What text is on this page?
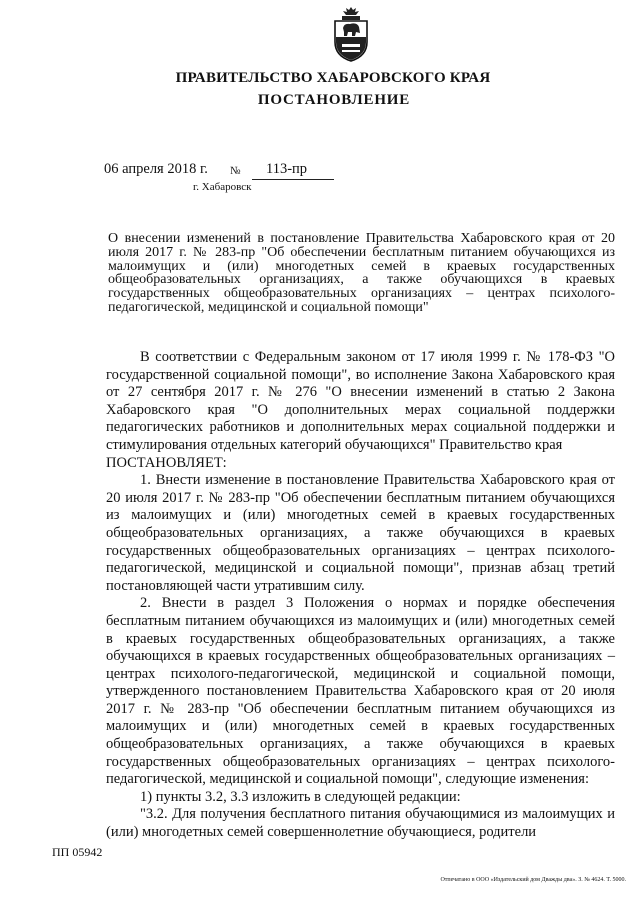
ПРАВИТЕЛЬСТВО ХАБАРОВСКОГО КРАЯ
ПОСТАНОВЛЕНИЕ
06 апреля 2018 г. № 113-пр
г. Хабаровск
О внесении изменений в постановление Правительства Хабаровского края от 20 июля 2017 г. № 283-пр "Об обеспечении бесплатным питанием обучающихся из малоимущих и (или) многодетных семей в краевых государственных общеобразовательных организациях, а также обучающихся в краевых государственных общеобразовательных организациях – центрах психолого-педагогической, медицинской и социальной помощи"

В соответствии с Федеральным законом от 17 июля 1999 г. № 178-ФЗ "О государственной социальной помощи", во исполнение Закона Хабаровского края от 27 сентября 2017 г. № 276 "О внесении изменений в статью 2 Закона Хабаровского края "О дополнительных мерах социальной поддержки педагогических работников и дополнительных мерах социальной поддержки и стимулирования отдельных категорий обучающихся" Правительство края

ПОСТАНОВЛЯЕТ:

1. Внести изменение в постановление Правительства Хабаровского края от 20 июля 2017 г. № 283-пр "Об обеспечении бесплатным питанием обучающихся из малоимущих и (или) многодетных семей в краевых государственных общеобразовательных организациях, а также обучающихся в краевых государственных общеобразовательных организациях – центрах психолого-педагогической, медицинской и социальной помощи", признав абзац третий постановляющей части утратившим силу.

2. Внести в раздел 3 Положения о нормах и порядке обеспечения бесплатным питанием обучающихся из малоимущих и (или) многодетных семей в краевых государственных общеобразовательных организациях, а также обучающихся в краевых государственных общеобразовательных организациях – центрах психолого-педагогической, медицинской и социальной помощи, утвержденного постановлением Правительства Хабаровского края от 20 июля 2017 г. № 283-пр "Об обеспечении бесплатным питанием обучающихся из малоимущих и (или) многодетных семей в краевых государственных общеобразовательных организациях, а также обучающихся в краевых государственных общеобразовательных организациях – центрах психолого-педагогической, медицинской и социальной помощи", следующие изменения:

1) пункты 3.2, 3.3 изложить в следующей редакции:

"3.2. Для получения бесплатного питания обучающимися из малоимущих и (или) многодетных семей совершеннолетние обучающиеся, родители

ПП 05942
Отпечатано в ООО «Издательский дом Дважды два». З. № 4624. Т. 5000.
